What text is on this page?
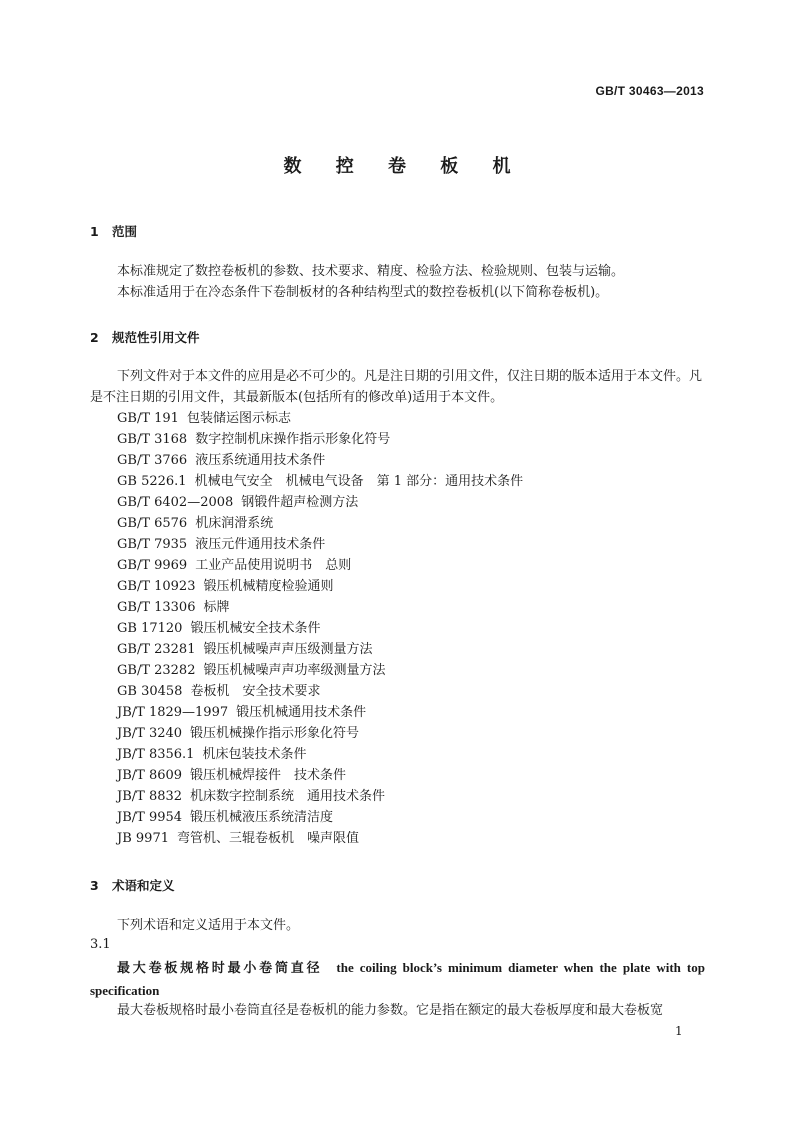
GB/T 30463—2013
数 控 卷 板 机
1 范围
本标准规定了数控卷板机的参数、技术要求、精度、检验方法、检验规则、包装与运输。
本标准适用于在冷态条件下卷制板材的各种结构型式的数控卷板机(以下简称卷板机)。
2 规范性引用文件
下列文件对于本文件的应用是必不可少的。凡是注日期的引用文件，仅注日期的版本适用于本文件。凡是不注日期的引用文件，其最新版本(包括所有的修改单)适用于本文件。
GB/T 191 包装储运图示标志
GB/T 3168 数字控制机床操作指示形象化符号
GB/T 3766 液压系统通用技术条件
GB 5226.1 机械电气安全　机械电气设备　第 1 部分：通用技术条件
GB/T 6402—2008 钢锻件超声检测方法
GB/T 6576 机床润滑系统
GB/T 7935 液压元件通用技术条件
GB/T 9969 工业产品使用说明书　总则
GB/T 10923 锻压机械精度检验通则
GB/T 13306 标牌
GB 17120 锻压机械安全技术条件
GB/T 23281 锻压机械噪声声压级测量方法
GB/T 23282 锻压机械噪声声功率级测量方法
GB 30458 卷板机　安全技术要求
JB/T 1829—1997 锻压机械通用技术条件
JB/T 3240 锻压机械操作指示形象化符号
JB/T 8356.1 机床包装技术条件
JB/T 8609 锻压机械焊接件　技术条件
JB/T 8832 机床数字控制系统　通用技术条件
JB/T 9954 锻压机械液压系统清洁度
JB 9971 弯管机、三辊卷板机　噪声限值
3 术语和定义
下列术语和定义适用于本文件。
3.1
最大卷板规格时最小卷筒直径 the coiling block’s minimum diameter when the plate with top specification
最大卷板规格时最小卷筒直径是卷板机的能力参数。它是指在额定的最大卷板厚度和最大卷板宽
1
